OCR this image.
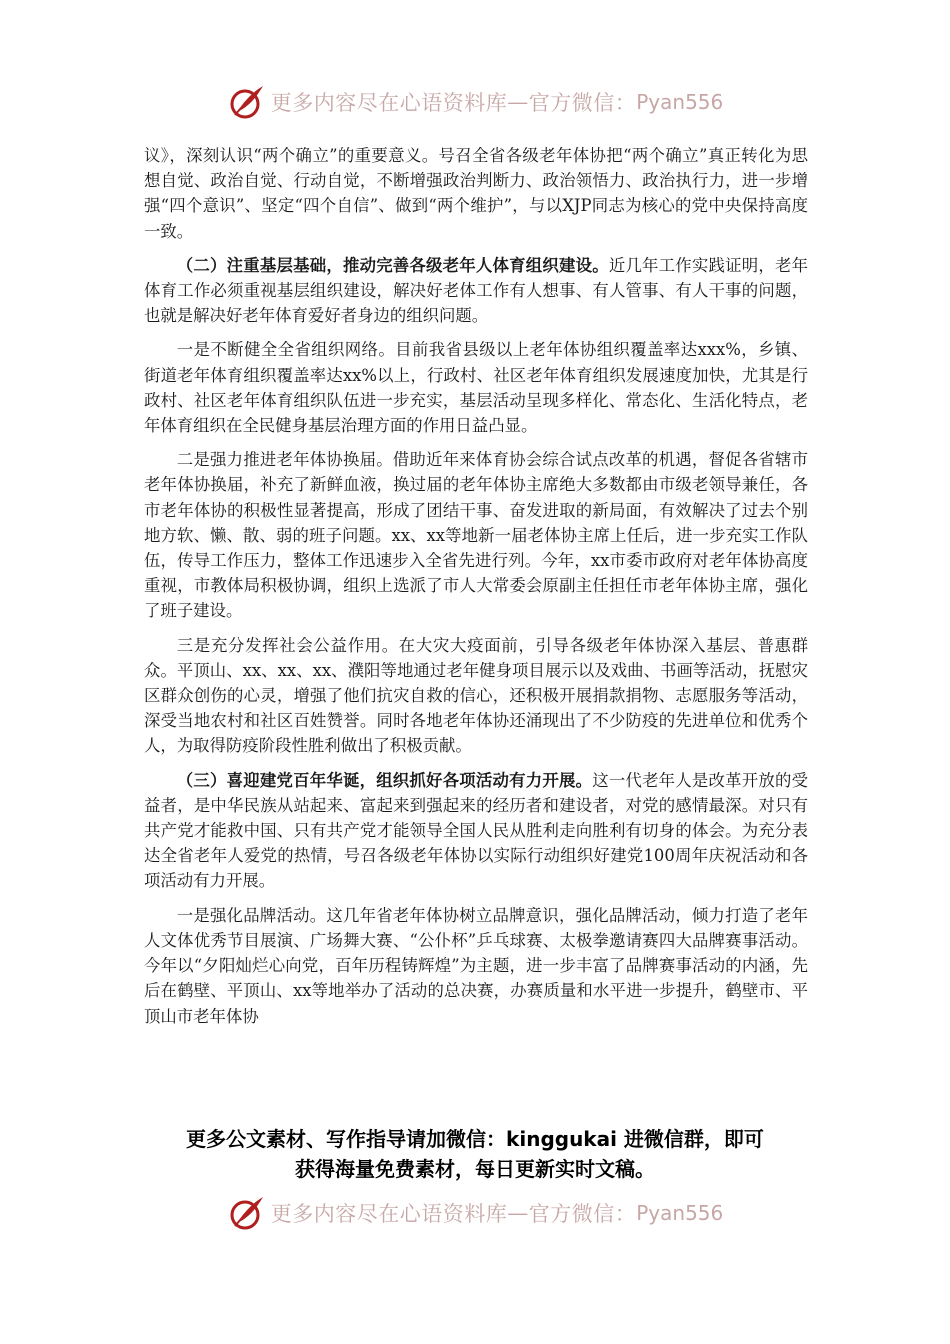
更多内容尽在心语资料库 — 官方微信： Pyan556

议》，深刻认识“两个确立”的重要意义。号召全省各级老年体协把“两个确立”真正转化为思想自觉、政治自觉、行动自觉，不断增强政治判断力、政治领悟力、政治执行力，进一步增强“四个意识”、坚定“四个自信”、做到“两个维护”，与以XJP同志为核心的党中央保持高度一致。

（二）注重基层基础，推动完善各级老年人体育组织建设。近几年工作实践证明，老年体育工作必须重视基层组织建设，解决好老体工作有人想事、有人管事、有人干事的问题，也就是解决好老年体育爱好者身边的组织问题。

一是不断健全全省组织网络。目前我省县级以上老年体协组织覆盖率达xxx%，乡镇、街道老年体育组织覆盖率达xx%以上，行政村、社区老年体育组织发展速度加快，尤其是行政村、社区老年体育组织队伍进一步充实，基层活动呈现多样化、常态化、生活化特点，老年体育组织在全民健身基层治理方面的作用日益凸显。

二是强力推进老年体协换届。借助近年来体育协会综合试点改革的机遇，督促各省辖市老年体协换届，补充了新鲜血液，换过届的老年体协主席绝大多数都由市级老领导兼任，各市老年体协的积极性显著提高，形成了团结干事、奋发进取的新局面，有效解决了过去个别地方软、懒、散、弱的班子问题。xx、xx等地新一届老体协主席上任后，进一步充实工作队伍，传导工作压力，整体工作迅速步入全省先进行列。今年，xx市委市政府对老年体协高度重视，市教体局积极协调，组织上选派了市人大常委会原副主任担任市老年体协主席，强化了班子建设。

三是充分发挥社会公益作用。在大灾大疫面前，引导各级老年体协深入基层、普惠群众。平顶山、xx、xx、xx、濮阳等地通过老年健身项目展示以及戏曲、书画等活动，抚慰灾区群众创伤的心灵，增强了他们抗灾自救的信心，还积极开展捐款捐物、志愿服务等活动，深受当地农村和社区百姓赞誉。同时各地老年体协还涌现出了不少防疫的先进单位和优秀个人，为取得防疫阶段性胜利做出了积极贡献。

（三）喜迎建党百年华诞，组织抓好各项活动有力开展。这一代老年人是改革开放的受益者，是中华民族从站起来、富起来到强起来的经历者和建设者，对党的感情最深。对只有共产党才能救中国、只有共产党才能领导全国人民从胜利走向胜利有切身的体会。为充分表达全省老年人爱党的热情，号召各级老年体协以实际行动组织好建党100周年庆祝活动和各项活动有力开展。

一是强化品牌活动。这几年省老年体协树立品牌意识，强化品牌活动，倾力打造了老年人文体优秀节目展演、广场舞大赛、“公仆杯”乒乓球赛、太极拳邀请赛四大品牌赛事活动。今年以“夕阳灿烂心向党，百年历程铸辉煌”为主题，进一步丰富了品牌赛事活动的内涵，先后在鹤壁、平顶山、xx等地举办了活动的总决赛，办赛质量和水平进一步提升，鹤壁市、平顶山市老年体协

更多公文素材、写作指导请加微信：kinggukai 进微信群，即可
获得海量免费素材，每日更新实时文稿。
更多内容尽在心语资料库 — 官方微信： Pyan556
